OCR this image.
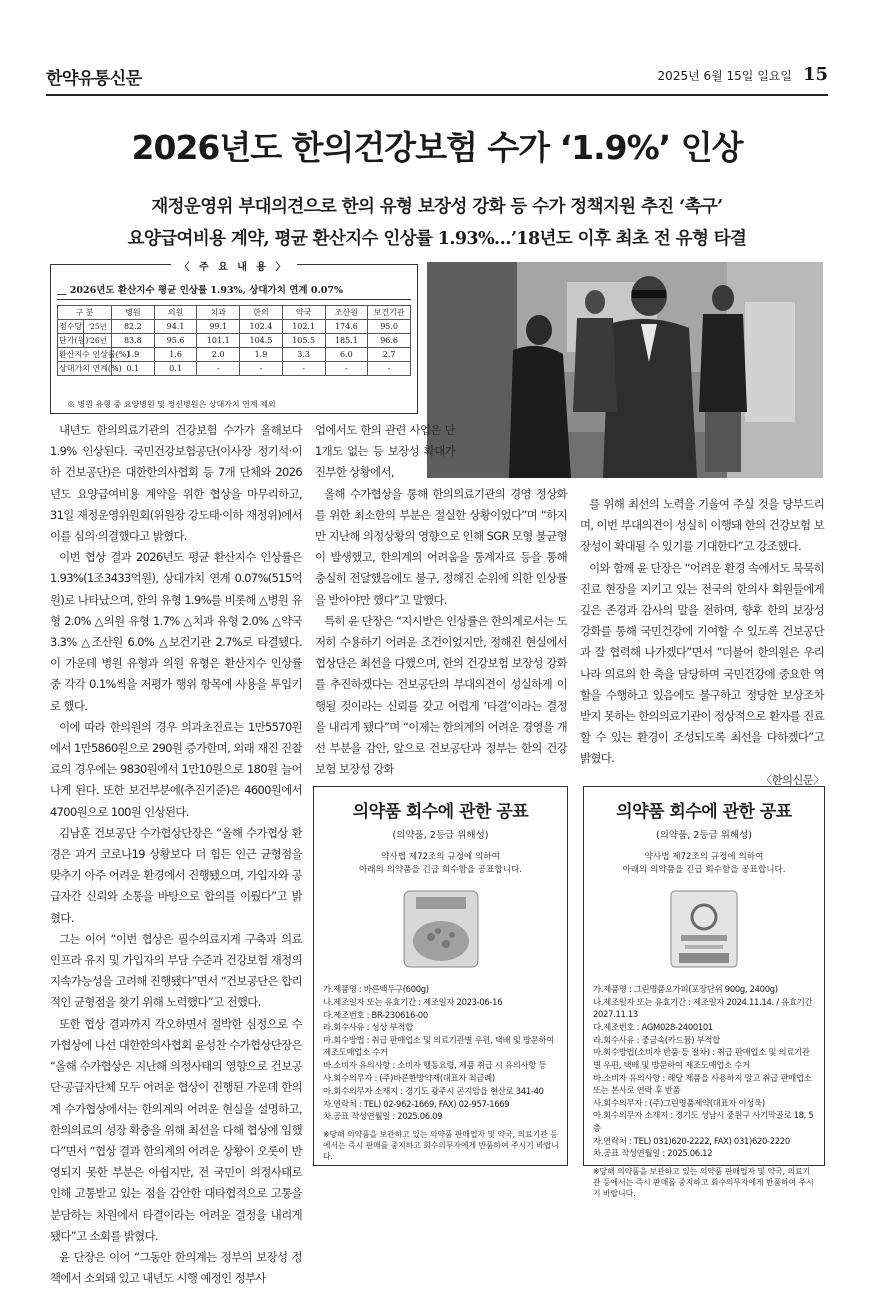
한약유통신문	2025년 6월 15일 일요일 15
2026년도 한의건강보험 수가 ‘1.9%’ 인상
재정운영위 부대의견으로 한의 유형 보장성 강화 등 수가 정책지원 추진 ‘촉구’
요양급여비용 계약, 평균 환산지수 인상률 1.93%…’18년도 이후 최초 전 유형 타결
〈 주 요 내 용 〉
__ 2026년도 환산지수 평균 인상률 1.93%, 상대가치 연계 0.07%
구 분		병원	의원	치과	한의	약국	조산원	보건기관
점수당	'25년	82.2	94.1	99.1	102.4	102.1	174.6	95.0
단가(원)	'26년	83.8	95.6	101.1	104.5	105.5	185.1	96.6
환산지수 인상률(%)		1.9	1.6	2.0	1.9	3.3	6.0	2.7
상대가치 연계(%)		0.1	0.1	-	-	-	-	-
※ 병원 유형 중 요양병원 및 정신병원은 상대가치 연계 제외

내년도 한의의료기관의 건강보험 수가가 올해보다 1.9% 인상된다. 국민건강보험공단(이사장 정기석·이하 건보공단)은 대한한의사협회 등 7개 단체와 2026년도 요양급여비용 계약을 위한 협상을 마무리하고, 31일 재정운영위원회(위원장 강도태·이하 재정위)에서 이를 심의·의결했다고 밝혔다.

이번 협상 결과 2026년도 평균 환산지수 인상률은 1.93%(1조3433억원), 상대가치 연계 0.07%(515억원)로 나타났으며, 한의 유형 1.9%를 비롯해 △병원 유형 2.0% △의원 유형 1.7% △치과 유형 2.0% △약국 3.3% △조산원 6.0% △보건기관 2.7%로 타결됐다. 이 가운데 병원 유형과 의원 유형은 환산지수 인상률 중 각각 0.1%씩을 저평가 행위 항목에 사용을 투입키로 했다.

이에 따라 한의원의 경우 의과초진료는 1만5570원에서 1만5860원으로 290원 증가한며, 외래 재진 진찰료의 경우에는 9830원에서 1만10원으로 180원 늘어나게 된다. 또한 보건부분에(추진기준)은 4600원에서 4700원으로 100원 인상된다.

김남훈 건보공단 수가협상단장은 “올해 수가협상 환경은 과거 코로나19 상황보다 더 힘든 인근 균형점을 맞추기 아주 어려운 환경에서 진행됐으며, 가입자와 공급자간 신뢰와 소통을 바탕으로 합의를 이뤘다”고 밝혔다.

그는 이어 “이번 협상은 필수의료지게 구축과 의료 인프라 유지 및 가입자의 부담 수준과 건강보험 재정의 지속가능성을 고려해 진행됐다”면서 “건보공단은 합리적인 균형점을 찾기 위해 노력했다”고 전했다.

또한 협상 결과까지 각오하면서 절박한 심정으로 수가협상에 나선 대한한의사협회 윤성찬 수가협상단장은 “올해 수가협상은 지난해 의정사태의 영향으로 건보공단·공급자단체 모두 어려운 협상이 진행된 가운데 한의계 수가협상에서는 한의계의 어려운 현실을 설명하고, 한의의료의 성장 확충을 위해 최선을 다해 협상에 임했다”면서 “협상 결과 한의계의 어려운 상황이 오롯이 반영되지 못한 부분은 아쉽지만, 전 국민이 의정사태로 인해 고통받고 있는 점을 감안한 대타협적으로 고통을 분담하는 차원에서 타결이라는 어려운 결정을 내리게 됐다”고 소회를 밝혔다.

윤 단장은 이어 “그동안 한의계는 정부의 보장성 정책에서 소외돼 있고 내년도 시행 예정인 정부사

업에서도 한의 관련 사업은 단 1개도 없는 등 보장성 확대가 진부한 상황에서,

올해 수가협상을 통해 한의의료기관의 경영 정상화를 위한 최소한의 부분은 절실한 상황이었다”며 “하지만 지난해 의정상황의 영향으로 인해 SGR 모형 불균형이 발생했고, 한의계의 어려움을 통계자료 등을 통해 충실히 전달했음에도 불구, 정해진 순위에 의한 인상률을 받아야만 했다”고 말했다.

특히 윤 단장은 “지시받은 인상률은 한의계로서는 도저히 수용하기 어려운 조건이었지만, 정해진 현실에서 협상단은 최선을 다했으며, 한의 건강보험 보장성 강화를 추진하겠다는 건보공단의 부대의견이 성실하게 이행될 것이라는 신뢰를 갖고 어렵게 ‘타결’이라는 결정을 내리게 됐다”며 “이제는 한의계의 어려운 경영을 개선 부분을 감안, 앞으로 건보공단과 정부는 한의 건강보험 보장성 강화

를 위해 최선의 노력을 기울여 주실 것을 당부드리며, 이번 부대의견이 성실히 이행돼 한의 건강보험 보장성이 확대될 수 있기를 기대한다”고 강조했다.

이와 함께 윤 단장은 “어려운 환경 속에서도 묵묵히 진료 현장을 지키고 있는 전국의 한의사 회원들에게 깊은 존경과 감사의 말을 전하며, 향후 한의 보장성 강화를 통해 국민건강에 기여할 수 있도록 건보공단과 잘 협력해 나가겠다”면서 “더불어 한의원은 우리나라 의료의 한 축을 담당하며 국민건강에 중요한 역할을 수행하고 있음에도 불구하고 정당한 보상조차 받지 못하는 한의의료기관이 정상적으로 환자를 진료할 수 있는 환경이 조성되도록 최선을 다하겠다”고 밝혔다.

〈한의신문〉
의약품 회수에 관한 공표
(의약품, 2등급 위해성)
약사법 제72조의 규정에 의하여
아래의 의약품을 긴급 회수함을 공표합니다.
가.제품명 : 바른백두구(600g)
나.제조일자 또는 유효기간 : 제조일자 2023-06-16
다.제조번호 : BR-230616-00
라.회수사유 : 성상 부적합
마.회수방법 : 취급 판매업소 및 의료기관별 우편, 택배 및 방문하여 제조도매업소 수거
바.소비자 유의사항 : 소비자 행동요령, 제품 취급 시 유의사항 등
사.회수의무자 : (주)바른한방약재(대표자 최금례)
아.회수의무자 소재지 : 경기도 광주시 곤지암읍 현산로 341-40
자.연락처 : TEL) 02-962-1669, FAX) 02-957-1669
차.공표 작성연월일 : 2025.06.09
※당해 의약품을 보관하고 있는 의약품 판매업자 및 약국, 의료기관 등에서는 즉시 판매를 중지하고 회수의무자에게 반품하여 주시기 바랍니다.
의약품 회수에 관한 공표
(의약품, 2등급 위해성)
약사법 제72조의 규정에 의하여
아래의 의약품을 긴급 회수함을 공표합니다.
가.제품명 : 그린명품오가피(포장단위 900g, 2400g)
나.제조일자 또는 유효기간 : 제조일자 2024.11.14. / 유효기간 2027.11.13
다.제조번호 : AGM028-2400101
라.회수사유 : 중금속(카드뮴) 부적합
마.회수방법(소비자 반품 등 절차) : 취급 판매업소 및 의료기관별 우편, 택배 및 방문하여 제조도매업소 수거
바.소비자 유의사항 : 해당 제품을 사용하지 말고 취급 판매업소 또는 본사로 연락 후 반품
사.회수의무자 : (주)그린명품제약(대표자 이성욱)
아.회수의무자 소재지 : 경기도 성남시 중원구 사기막골로 18, 5층
자.연락처 : TEL) 031)620-2222, FAX) 031)620-2220
차.공표 작성연월일 : 2025.06.12
※당해 의약품을 보관하고 있는 의약품 판매업자 및 약국, 의료기관 등에서는 즉시 판매를 중지하고 회수의무자에게 반품하여 주시기 바랍니다.
